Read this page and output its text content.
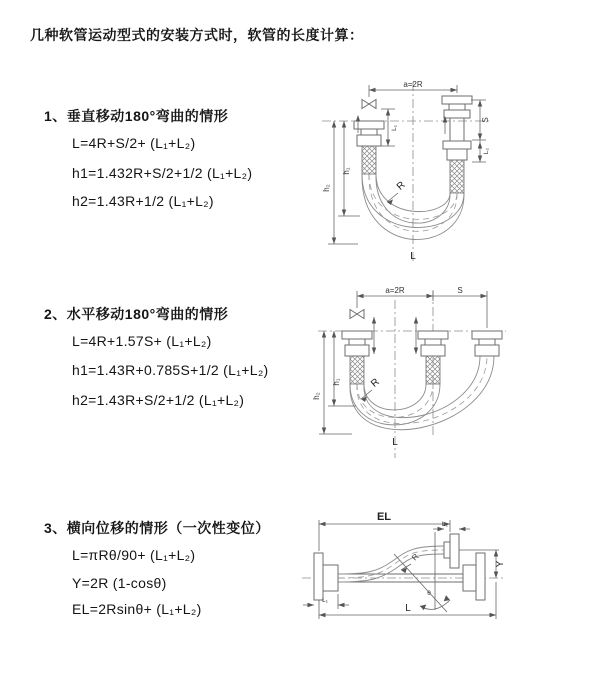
几种软管运动型式的安装方式时，软管的长度计算：
1、垂直移动180°弯曲的情形
L=4R+S/2+ (L₁+L₂)
h1=1.432R+S/2+1/2 (L₁+L₂)
h2=1.43R+1/2 (L₁+L₂)
2、水平移动180°弯曲的情形
L=4R+1.57S+ (L₁+L₂)
h1=1.43R+0.785S+1/2 (L₁+L₂)
h2=1.43R+S/2+1/2 (L₁+L₂)
3、横向位移的情形（一次性变位）
L=πRθ/90+ (L₁+L₂)
Y=2R (1-cosθ)
EL=2Rsinθ+ (L₁+L₂)
a=2R
L₁
S
L₂
h₂
h₁
R
L
a=2R	S
h₂
h₁	R
L
θ
R
EL
L₂
Y
L₁
L
